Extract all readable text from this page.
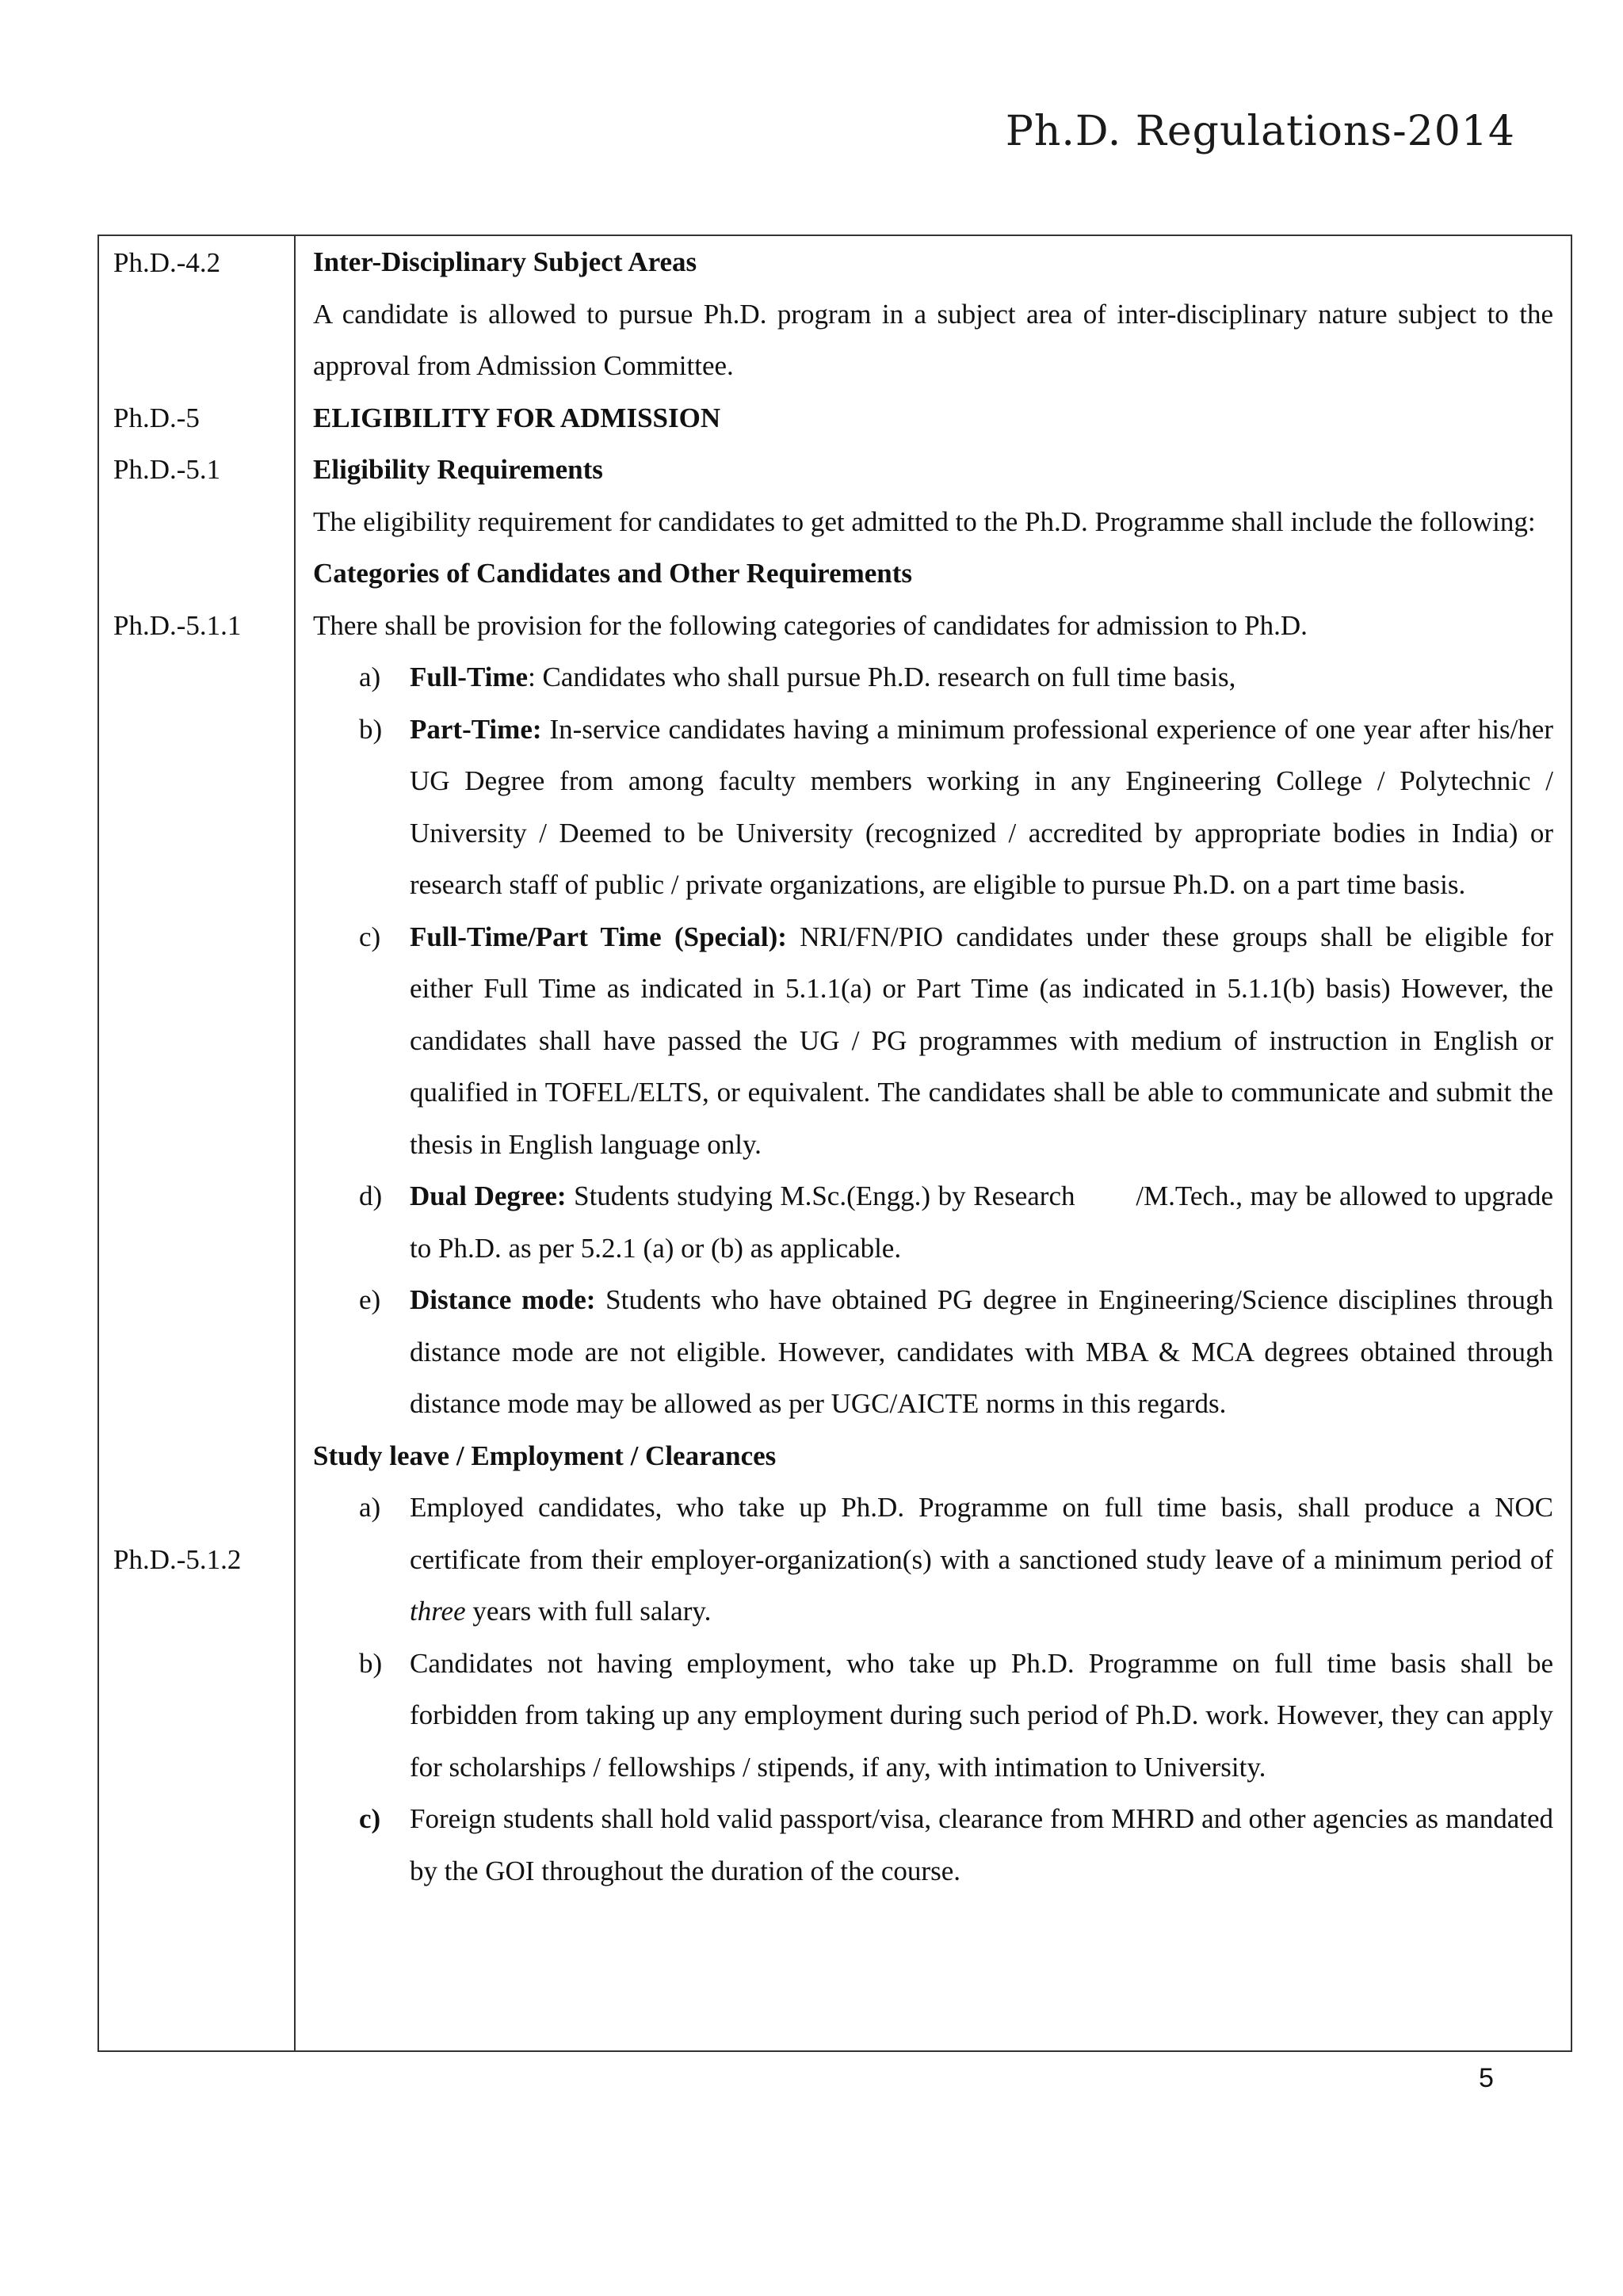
Ph.D. Regulations-2014
Ph.D.-4.2
Ph.D.-5
Ph.D.-5.1
Ph.D.-5.1.1
Ph.D.-5.1.2
Inter-Disciplinary Subject Areas

A candidate is allowed to pursue Ph.D. program in a subject area of inter-disciplinary nature subject to the approval from Admission Committee.

ELIGIBILITY FOR ADMISSION
Eligibility Requirements

The eligibility requirement for candidates to get admitted to the Ph.D. Programme shall include the following:

Categories of Candidates and Other Requirements

There shall be provision for the following categories of candidates for admission to Ph.D.

a) Full-Time: Candidates who shall pursue Ph.D. research on full time basis,
b) Part-Time: In-service candidates having a minimum professional experience of one year after his/her UG Degree from among faculty members working in any Engineering College / Polytechnic / University / Deemed to be University (recognized / accredited by appropriate bodies in India) or research staff of public / private organizations, are eligible to pursue Ph.D. on a part time basis.
c) Full-Time/Part Time (Special): NRI/FN/PIO candidates under these groups shall be eligible for either Full Time as indicated in 5.1.1(a) or Part Time (as indicated in 5.1.1(b) basis) However, the candidates shall have passed the UG / PG programmes with medium of instruction in English or qualified in TOFEL/ELTS, or equivalent. The candidates shall be able to communicate and submit the thesis in English language only.
d) Dual Degree: Students studying M.Sc.(Engg.) by Research        /M.Tech., may be allowed to upgrade to Ph.D. as per 5.2.1 (a) or (b) as applicable.
e) Distance mode: Students who have obtained PG degree in Engineering/Science disciplines through distance mode are not eligible. However, candidates with MBA & MCA degrees obtained through distance mode may be allowed as per UGC/AICTE norms in this regards.
Study leave / Employment / Clearances
a) Employed candidates, who take up Ph.D. Programme on full time basis, shall produce a NOC certificate from their employer-organization(s) with a sanctioned study leave of a minimum period of three years with full salary.
b) Candidates not having employment, who take up Ph.D. Programme on full time basis shall be forbidden from taking up any employment during such period of Ph.D. work. However, they can apply for scholarships / fellowships / stipends, if any, with intimation to University.
c) Foreign students shall hold valid passport/visa, clearance from MHRD and other agencies as mandated by the GOI throughout the duration of the course.
5
